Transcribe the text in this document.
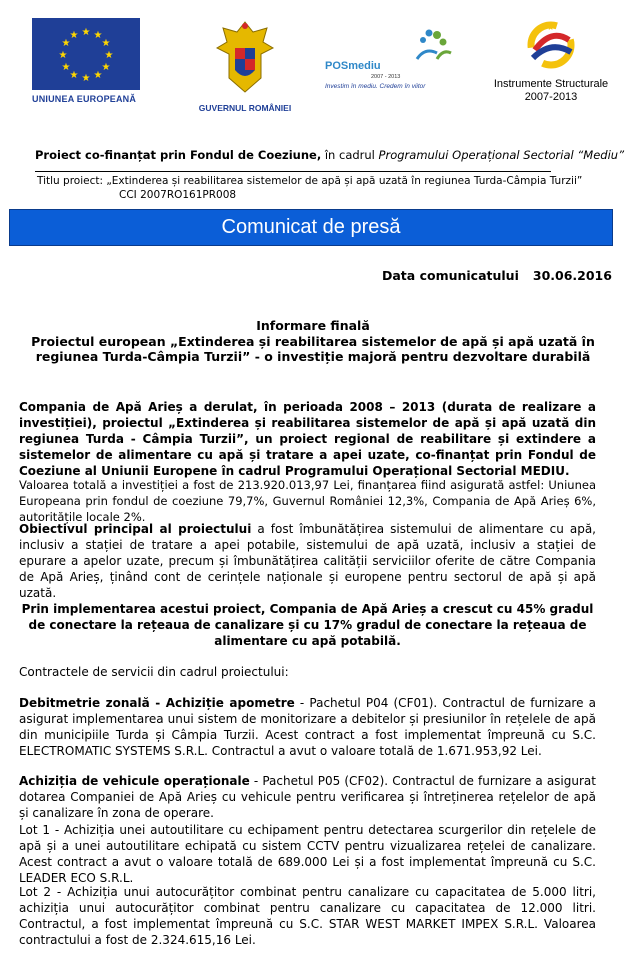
★ ★
★
★
★
★
★
★
★
★
★
★
UNIUNEA EUROPEANĂ
GUVERNUL ROMÂNIEI
POSmediu
2007 - 2013
Investim în mediu. Credem în viitor
★
Instrumente Structurale
2007-2013
Proiect co-finanțat prin Fondul de Coeziune, în cadrul Programului Operațional Sectorial “Mediu”
Titlu proiect: „Extinderea și reabilitarea sistemelor de apă și apă uzată în regiunea Turda-Câmpia Turzii”
CCI 2007RO161PR008
Comunicat de presă
Data comunicatului 30.06.2016
Informare finală
Proiectul european „Extinderea și reabilitarea sistemelor de apă și apă uzată în
regiunea Turda-Câmpia Turzii” - o investiție majoră pentru dezvoltare durabilă

Compania de Apă Arieș a derulat, în perioada 2008 – 2013 (durata de realizare a investiției), proiectul „Extinderea și reabilitarea sistemelor de apă și apă uzată din regiunea Turda - Câmpia Turzii”, un proiect regional de reabilitare și extindere a sistemelor de alimentare cu apă și tratare a apei uzate, co-finanțat prin Fondul de Coeziune al Uniunii Europene în cadrul Programului Operațional Sectorial MEDIU.

Valoarea totală a investiției a fost de 213.920.013,97 Lei, finanțarea fiind asigurată astfel: Uniunea Europeana prin fondul de coeziune 79,7%, Guvernul României 12,3%, Compania de Apă Arieș 6%, autoritățile locale 2%.

Obiectivul principal al proiectului a fost îmbunătățirea sistemului de alimentare cu apă, inclusiv a stației de tratare a apei potabile, sistemului de apă uzată, inclusiv a stației de epurare a apelor uzate, precum și îmbunătățirea calității serviciilor oferite de către Compania de Apă Arieș, ținând cont de cerințele naționale și europene pentru sectorul de apă și apă uzată.

Prin implementarea acestui proiect, Compania de Apă Arieș a crescut cu 45% gradul de conectare la rețeaua de canalizare și cu 17% gradul de conectare la rețeaua de alimentare cu apă potabilă.

Contractele de servicii din cadrul proiectului:

Debitmetrie zonală - Achiziție apometre - Pachetul P04 (CF01). Contractul de furnizare a asigurat implementarea unui sistem de monitorizare a debitelor și presiunilor în rețelele de apă din municipiile Turda și Câmpia Turzii. Acest contract a fost implementat împreună cu S.C. ELECTROMATIC SYSTEMS S.R.L. Contractul a avut o valoare totală de 1.671.953,92 Lei.

Achiziția de vehicule operaționale - Pachetul P05 (CF02). Contractul de furnizare a asigurat dotarea Companiei de Apă Arieș cu vehicule pentru verificarea și întreținerea rețelelor de apă și canalizare în zona de operare.

Lot 1 - Achiziția unei autoutilitare cu echipament pentru detectarea scurgerilor din rețelele de apă și a unei autoutilitare echipată cu sistem CCTV pentru vizualizarea rețelei de canalizare. Acest contract a avut o valoare totală de 689.000 Lei și a fost implementat împreună cu S.C. LEADER ECO S.R.L.

Lot 2 - Achiziția unui autocurățitor combinat pentru canalizare cu capacitatea de 5.000 litri, achiziția unui autocurățitor combinat pentru canalizare cu capacitatea de 12.000 litri. Contractul, a fost implementat împreună cu S.C. STAR WEST MARKET IMPEX S.R.L. Valoarea contractului a fost de 2.324.615,16 Lei.
